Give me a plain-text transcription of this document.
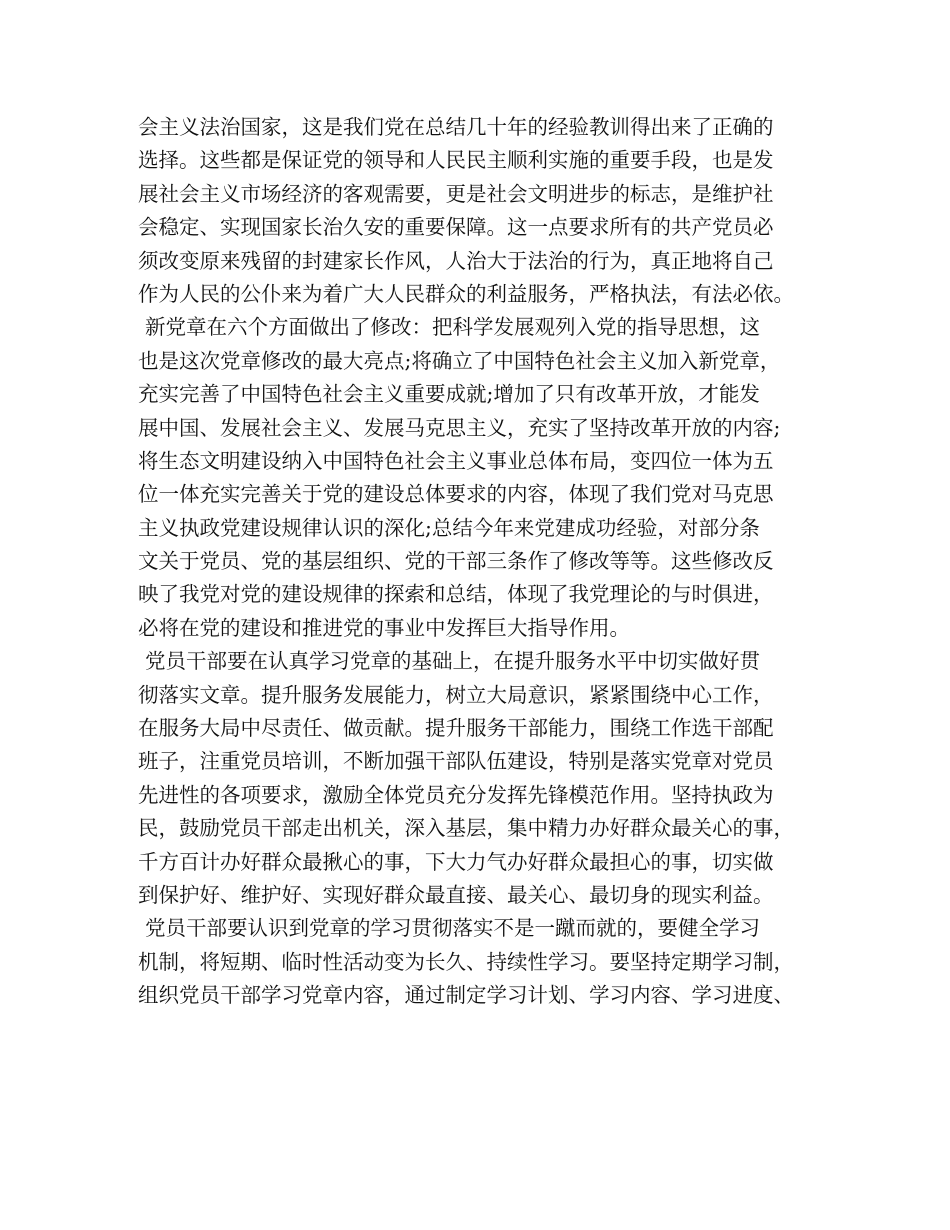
会主义法治国家，这是我们党在总结几十年的经验教训得出来了正确的
选择。这些都是保证党的领导和人民民主顺利实施的重要手段，也是发
展社会主义市场经济的客观需要，更是社会文明进步的标志，是维护社
会稳定、实现国家长治久安的重要保障。这一点要求所有的共产党员必
须改变原来残留的封建家长作风，人治大于法治的行为，真正地将自己
作为人民的公仆来为着广大人民群众的利益服务，严格执法，有法必依。
新党章在六个方面做出了修改：把科学发展观列入党的指导思想，这
也是这次党章修改的最大亮点;将确立了中国特色社会主义加入新党章，
充实完善了中国特色社会主义重要成就;增加了只有改革开放，才能发
展中国、发展社会主义、发展马克思主义，充实了坚持改革开放的内容;
将生态文明建设纳入中国特色社会主义事业总体布局，变四位一体为五
位一体充实完善关于党的建设总体要求的内容，体现了我们党对马克思
主义执政党建设规律认识的深化;总结今年来党建成功经验，对部分条
文关于党员、党的基层组织、党的干部三条作了修改等等。这些修改反
映了我党对党的建设规律的探索和总结，体现了我党理论的与时俱进，
必将在党的建设和推进党的事业中发挥巨大指导作用。
党员干部要在认真学习党章的基础上，在提升服务水平中切实做好贯
彻落实文章。提升服务发展能力，树立大局意识，紧紧围绕中心工作，
在服务大局中尽责任、做贡献。提升服务干部能力，围绕工作选干部配
班子，注重党员培训，不断加强干部队伍建设，特别是落实党章对党员
先进性的各项要求，激励全体党员充分发挥先锋模范作用。坚持执政为
民，鼓励党员干部走出机关，深入基层，集中精力办好群众最关心的事，
千方百计办好群众最揪心的事，下大力气办好群众最担心的事，切实做
到保护好、维护好、实现好群众最直接、最关心、最切身的现实利益。
党员干部要认识到党章的学习贯彻落实不是一蹴而就的，要健全学习
机制，将短期、临时性活动变为长久、持续性学习。要坚持定期学习制，
组织党员干部学习党章内容，通过制定学习计划、学习内容、学习进度、
